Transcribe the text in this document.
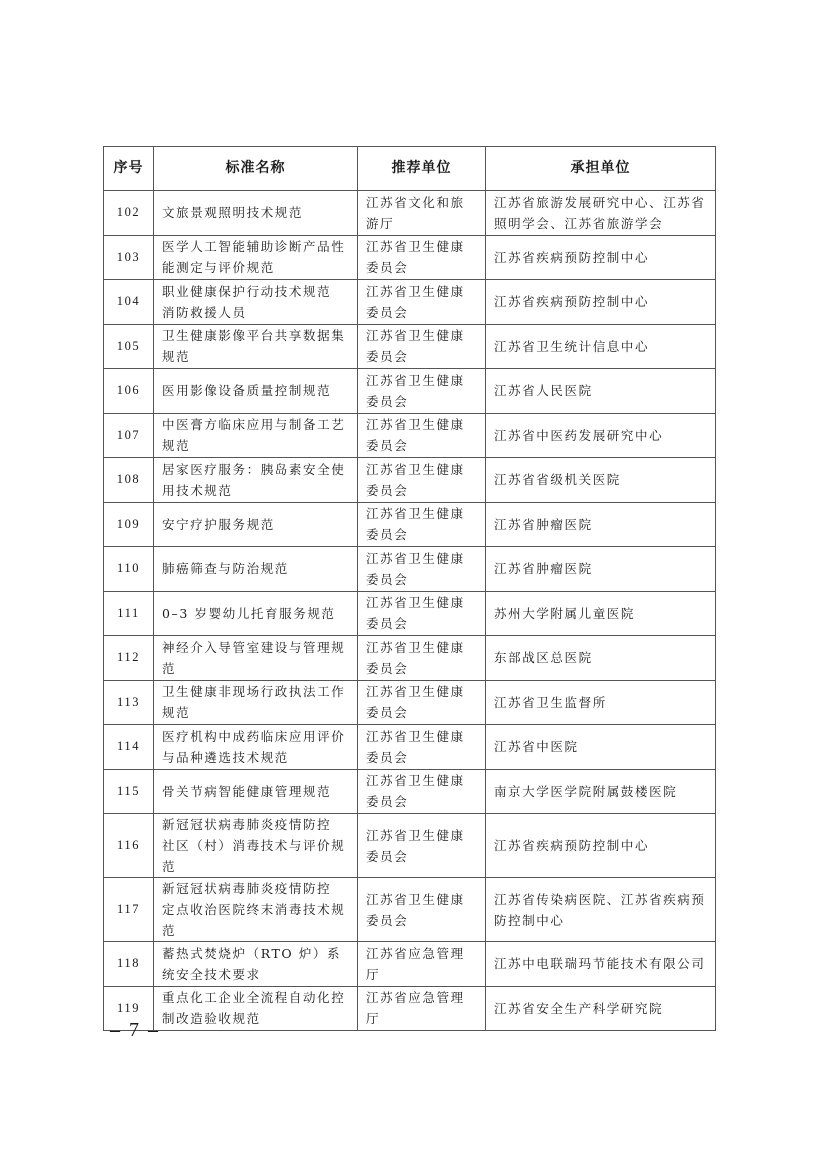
序号	标准名称	推荐单位	承担单位
102	文旅景观照明技术规范	江苏省文化和旅游厅	江苏省旅游发展研究中心、江苏省照明学会、江苏省旅游学会
103	医学人工智能辅助诊断产品性能测定与评价规范	江苏省卫生健康委员会	江苏省疾病预防控制中心
104	职业健康保护行动技术规范 消防救援人员	江苏省卫生健康委员会	江苏省疾病预防控制中心
105	卫生健康影像平台共享数据集规范	江苏省卫生健康委员会	江苏省卫生统计信息中心
106	医用影像设备质量控制规范	江苏省卫生健康委员会	江苏省人民医院
107	中医膏方临床应用与制备工艺规范	江苏省卫生健康委员会	江苏省中医药发展研究中心
108	居家医疗服务：胰岛素安全使用技术规范	江苏省卫生健康委员会	江苏省省级机关医院
109	安宁疗护服务规范	江苏省卫生健康委员会	江苏省肿瘤医院
110	肺癌筛查与防治规范	江苏省卫生健康委员会	江苏省肿瘤医院
111	0–3 岁婴幼儿托育服务规范	江苏省卫生健康委员会	苏州大学附属儿童医院
112	神经介入导管室建设与管理规范	江苏省卫生健康委员会	东部战区总医院
113	卫生健康非现场行政执法工作规范	江苏省卫生健康委员会	江苏省卫生监督所
114	医疗机构中成药临床应用评价与品种遴选技术规范	江苏省卫生健康委员会	江苏省中医院
115	骨关节病智能健康管理规范	江苏省卫生健康委员会	南京大学医学院附属鼓楼医院
116	新冠冠状病毒肺炎疫情防控 社区（村）消毒技术与评价规范	江苏省卫生健康委员会	江苏省疾病预防控制中心
117	新冠冠状病毒肺炎疫情防控 定点收治医院终末消毒技术规范	江苏省卫生健康委员会	江苏省传染病医院、江苏省疾病预防控制中心
118	蓄热式焚烧炉（RTO 炉）系统安全技术要求	江苏省应急管理厅	江苏中电联瑞玛节能技术有限公司
119	重点化工企业全流程自动化控制改造验收规范	江苏省应急管理厅	江苏省安全生产科学研究院
– 7 –
